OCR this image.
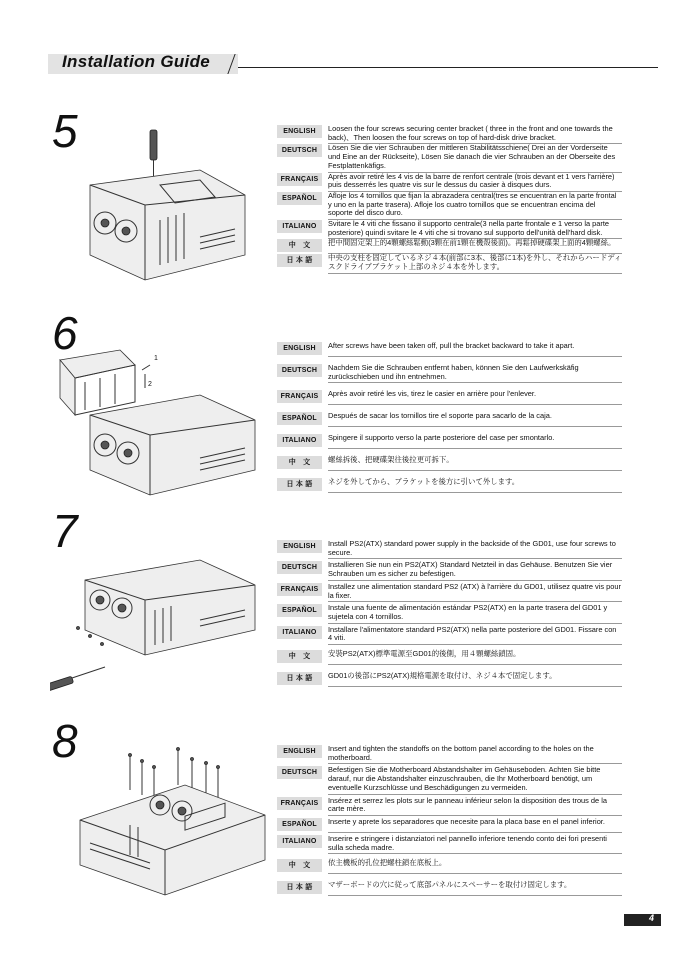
Installation Guide
5	ENGLISH	Loosen the four screws securing center bracket ( three in the front and one towards the back)、Then loosen the four screws on top of hard-disk drive bracket.
DEUTSCH	Lösen Sie die vier Schrauben der mittleren Stabilitätsschiene( Drei an der Vorderseite und Eine an der Rückseite), Lösen Sie danach die vier Schrauben an der Oberseite des Festplattenkäfigs.
FRANÇAIS	Après avoir retiré les 4 vis de la barre de renfort centrale (trois devant et 1 vers l'arrière) puis desserrés les quatre vis sur le dessus du casier à disques durs.
ESPAÑOL	Afloje los 4 tornillos que fijan la abrazadera central(tres se encuentran en la parte frontal y uno en la parte trasera). Afloje los cuatro tornillos que se encuentran encima del soporte del disco duro.
ITALIANO	Svitare le 4 viti che fissano il supporto centrale(3 nella parte frontale e 1 verso la parte posteriore) quindi svitare le 4 viti che si trovano sul supporto dell'unità dell'hard disk.
中　文	把中間固定架上的4顆螺絲鬆動(3顆在前1顆在機殼後面)。再鬆掉硬碟架上面的4顆螺絲。
日 本 語	中央の支柱を固定しているネジ４本(前部に3本、後部に1本)を外し、それからハードディスクドライブブラケット上部のネジ４本を外します。
6	1
2
ENGLISH	After screws have been taken off, pull the bracket backward to take it apart.
DEUTSCH	Nachdem Sie die Schrauben entfernt haben, können Sie den Laufwerkskäfig zurückschieben und ihn entnehmen.
FRANÇAIS	Après avoir retiré les vis, tirez le casier en arrière pour l'enlever.
ESPAÑOL	Después de sacar los tornillos tire el soporte para sacarlo de la caja.
ITALIANO	Spingere il supporto verso la parte posteriore del case per smontarlo.
中　文	螺絲拆後、把硬碟架往後拉更可拆下。
日 本 語	ネジを外してから、ブラケットを後方に引いて外します。
7	ENGLISH	Install PS2(ATX) standard power supply in the backside of the GD01, use four screws to secure.
DEUTSCH	Installieren Sie nun ein PS2(ATX) Standard Netzteil in das Gehäuse. Benutzen Sie vier Schrauben um es sicher zu befestigen.
FRANÇAIS	Installez une alimentation standard PS2 (ATX) à l'arrière du GD01, utilisez quatre vis pour la fixer.
ESPAÑOL	Instale una fuente de alimentación estándar PS2(ATX) en la parte trasera del GD01 y sujetela con 4 tornillos.
ITALIANO	Installare l'alimentatore standard PS2(ATX) nella parte posteriore del GD01. Fissare con 4 viti.
中　文	安裝PS2(ATX)標準電源至GD01的後側，用４顆螺絲鎖固。
日 本 語	GD01の後部にPS2(ATX)規格電源を取付け、ネジ４本で固定します。
8	ENGLISH	Insert and tighten the standoffs on the bottom panel according to the holes on the motherboard.
DEUTSCH	Befestigen Sie die Motherboard Abstandshalter im Gehäuseboden. Achten Sie bitte darauf, nur die Abstandshalter einzuschrauben, die Ihr Motherboard benötigt, um eventuelle Kurzschlüsse und Beschädigungen zu vermeiden.
FRANÇAIS	Insérez et serrez les plots sur le panneau inférieur selon la disposition des trous de la carte mère.
ESPAÑOL	Inserte y aprete los separadores que necesite para la placa base en el panel inferior.
ITALIANO	Inserire e stringere i distanziatori nel pannello inferiore tenendo conto dei fori presenti sulla scheda madre.
中　文	依主機板的孔位把螺柱鎖在底板上。
日 本 語	マザーボードの穴に従って底部パネルにスペーサーを取付け固定します。
4
